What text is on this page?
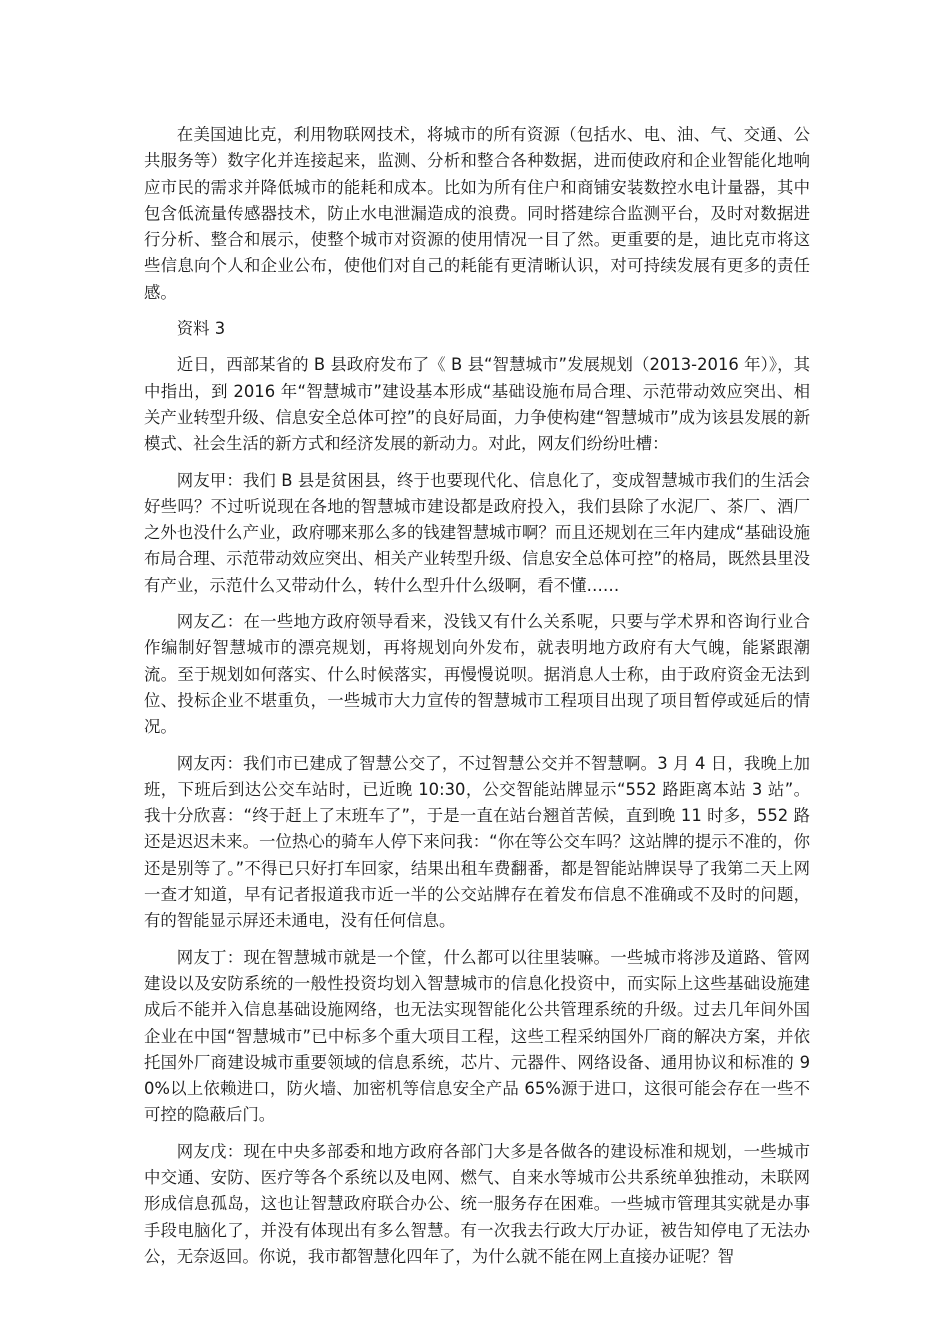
在美国迪比克，利用物联网技术，将城市的所有资源（包括水、电、油、气、交通、公共服务等）数字化并连接起来，监测、分析和整合各种数据，进而使政府和企业智能化地响应市民的需求并降低城市的能耗和成本。比如为所有住户和商铺安装数控水电计量器，其中包含低流量传感器技术，防止水电泄漏造成的浪费。同时搭建综合监测平台，及时对数据进行分析、整合和展示，使整个城市对资源的使用情况一目了然。更重要的是，迪比克市将这些信息向个人和企业公布，使他们对自己的耗能有更清晰认识，对可持续发展有更多的责任感。

资料 3

近日，西部某省的 B 县政府发布了《 B 县“智慧城市”发展规划（2013-2016 年）》，其中指出，到 2016 年“智慧城市”建设基本形成“基础设施布局合理、示范带动效应突出、相关产业转型升级、信息安全总体可控”的良好局面，力争使构建“智慧城市”成为该县发展的新模式、社会生活的新方式和经济发展的新动力。对此，网友们纷纷吐槽：

网友甲：我们 B 县是贫困县，终于也要现代化、信息化了，变成智慧城市我们的生活会好些吗？不过听说现在各地的智慧城市建设都是政府投入，我们县除了水泥厂、茶厂、酒厂之外也没什么产业，政府哪来那么多的钱建智慧城市啊？而且还规划在三年内建成“基础设施布局合理、示范带动效应突出、相关产业转型升级、信息安全总体可控”的格局，既然县里没有产业，示范什么又带动什么，转什么型升什么级啊，看不懂……

网友乙：在一些地方政府领导看来，没钱又有什么关系呢，只要与学术界和咨询行业合作编制好智慧城市的漂亮规划，再将规划向外发布，就表明地方政府有大气魄，能紧跟潮流。至于规划如何落实、什么时候落实，再慢慢说呗。据消息人士称，由于政府资金无法到位、投标企业不堪重负，一些城市大力宣传的智慧城市工程项目出现了项目暂停或延后的情况。

网友丙：我们市已建成了智慧公交了，不过智慧公交并不智慧啊。3 月 4 日，我晚上加班，下班后到达公交车站时，已近晚 10:30，公交智能站牌显示“552 路距离本站 3 站”。我十分欣喜：“终于赶上了末班车了”，于是一直在站台翘首苦候，直到晚 11 时多，552 路还是迟迟未来。一位热心的骑车人停下来问我：“你在等公交车吗？这站牌的提示不准的，你还是别等了。”不得已只好打车回家，结果出租车费翻番，都是智能站牌误导了我第二天上网一查才知道，早有记者报道我市近一半的公交站牌存在着发布信息不准确或不及时的问题，有的智能显示屏还未通电，没有任何信息。

网友丁：现在智慧城市就是一个筐，什么都可以往里装嘛。一些城市将涉及道路、管网建设以及安防系统的一般性投资均划入智慧城市的信息化投资中，而实际上这些基础设施建成后不能并入信息基础设施网络，也无法实现智能化公共管理系统的升级。过去几年间外国企业在中国“智慧城市”已中标多个重大项目工程，这些工程采纳国外厂商的解决方案，并依托国外厂商建设城市重要领域的信息系统，芯片、元器件、网络设备、通用协议和标准的 9 0%以上依赖进口，防火墙、加密机等信息安全产品 65%源于进口，这很可能会存在一些不可控的隐蔽后门。

网友戊：现在中央多部委和地方政府各部门大多是各做各的建设标准和规划，一些城市中交通、安防、医疗等各个系统以及电网、燃气、自来水等城市公共系统单独推动，未联网形成信息孤岛，这也让智慧政府联合办公、统一服务存在困难。一些城市管理其实就是办事手段电脑化了，并没有体现出有多么智慧。有一次我去行政大厅办证，被告知停电了无法办公，无奈返回。你说，我市都智慧化四年了，为什么就不能在网上直接办证呢？智
